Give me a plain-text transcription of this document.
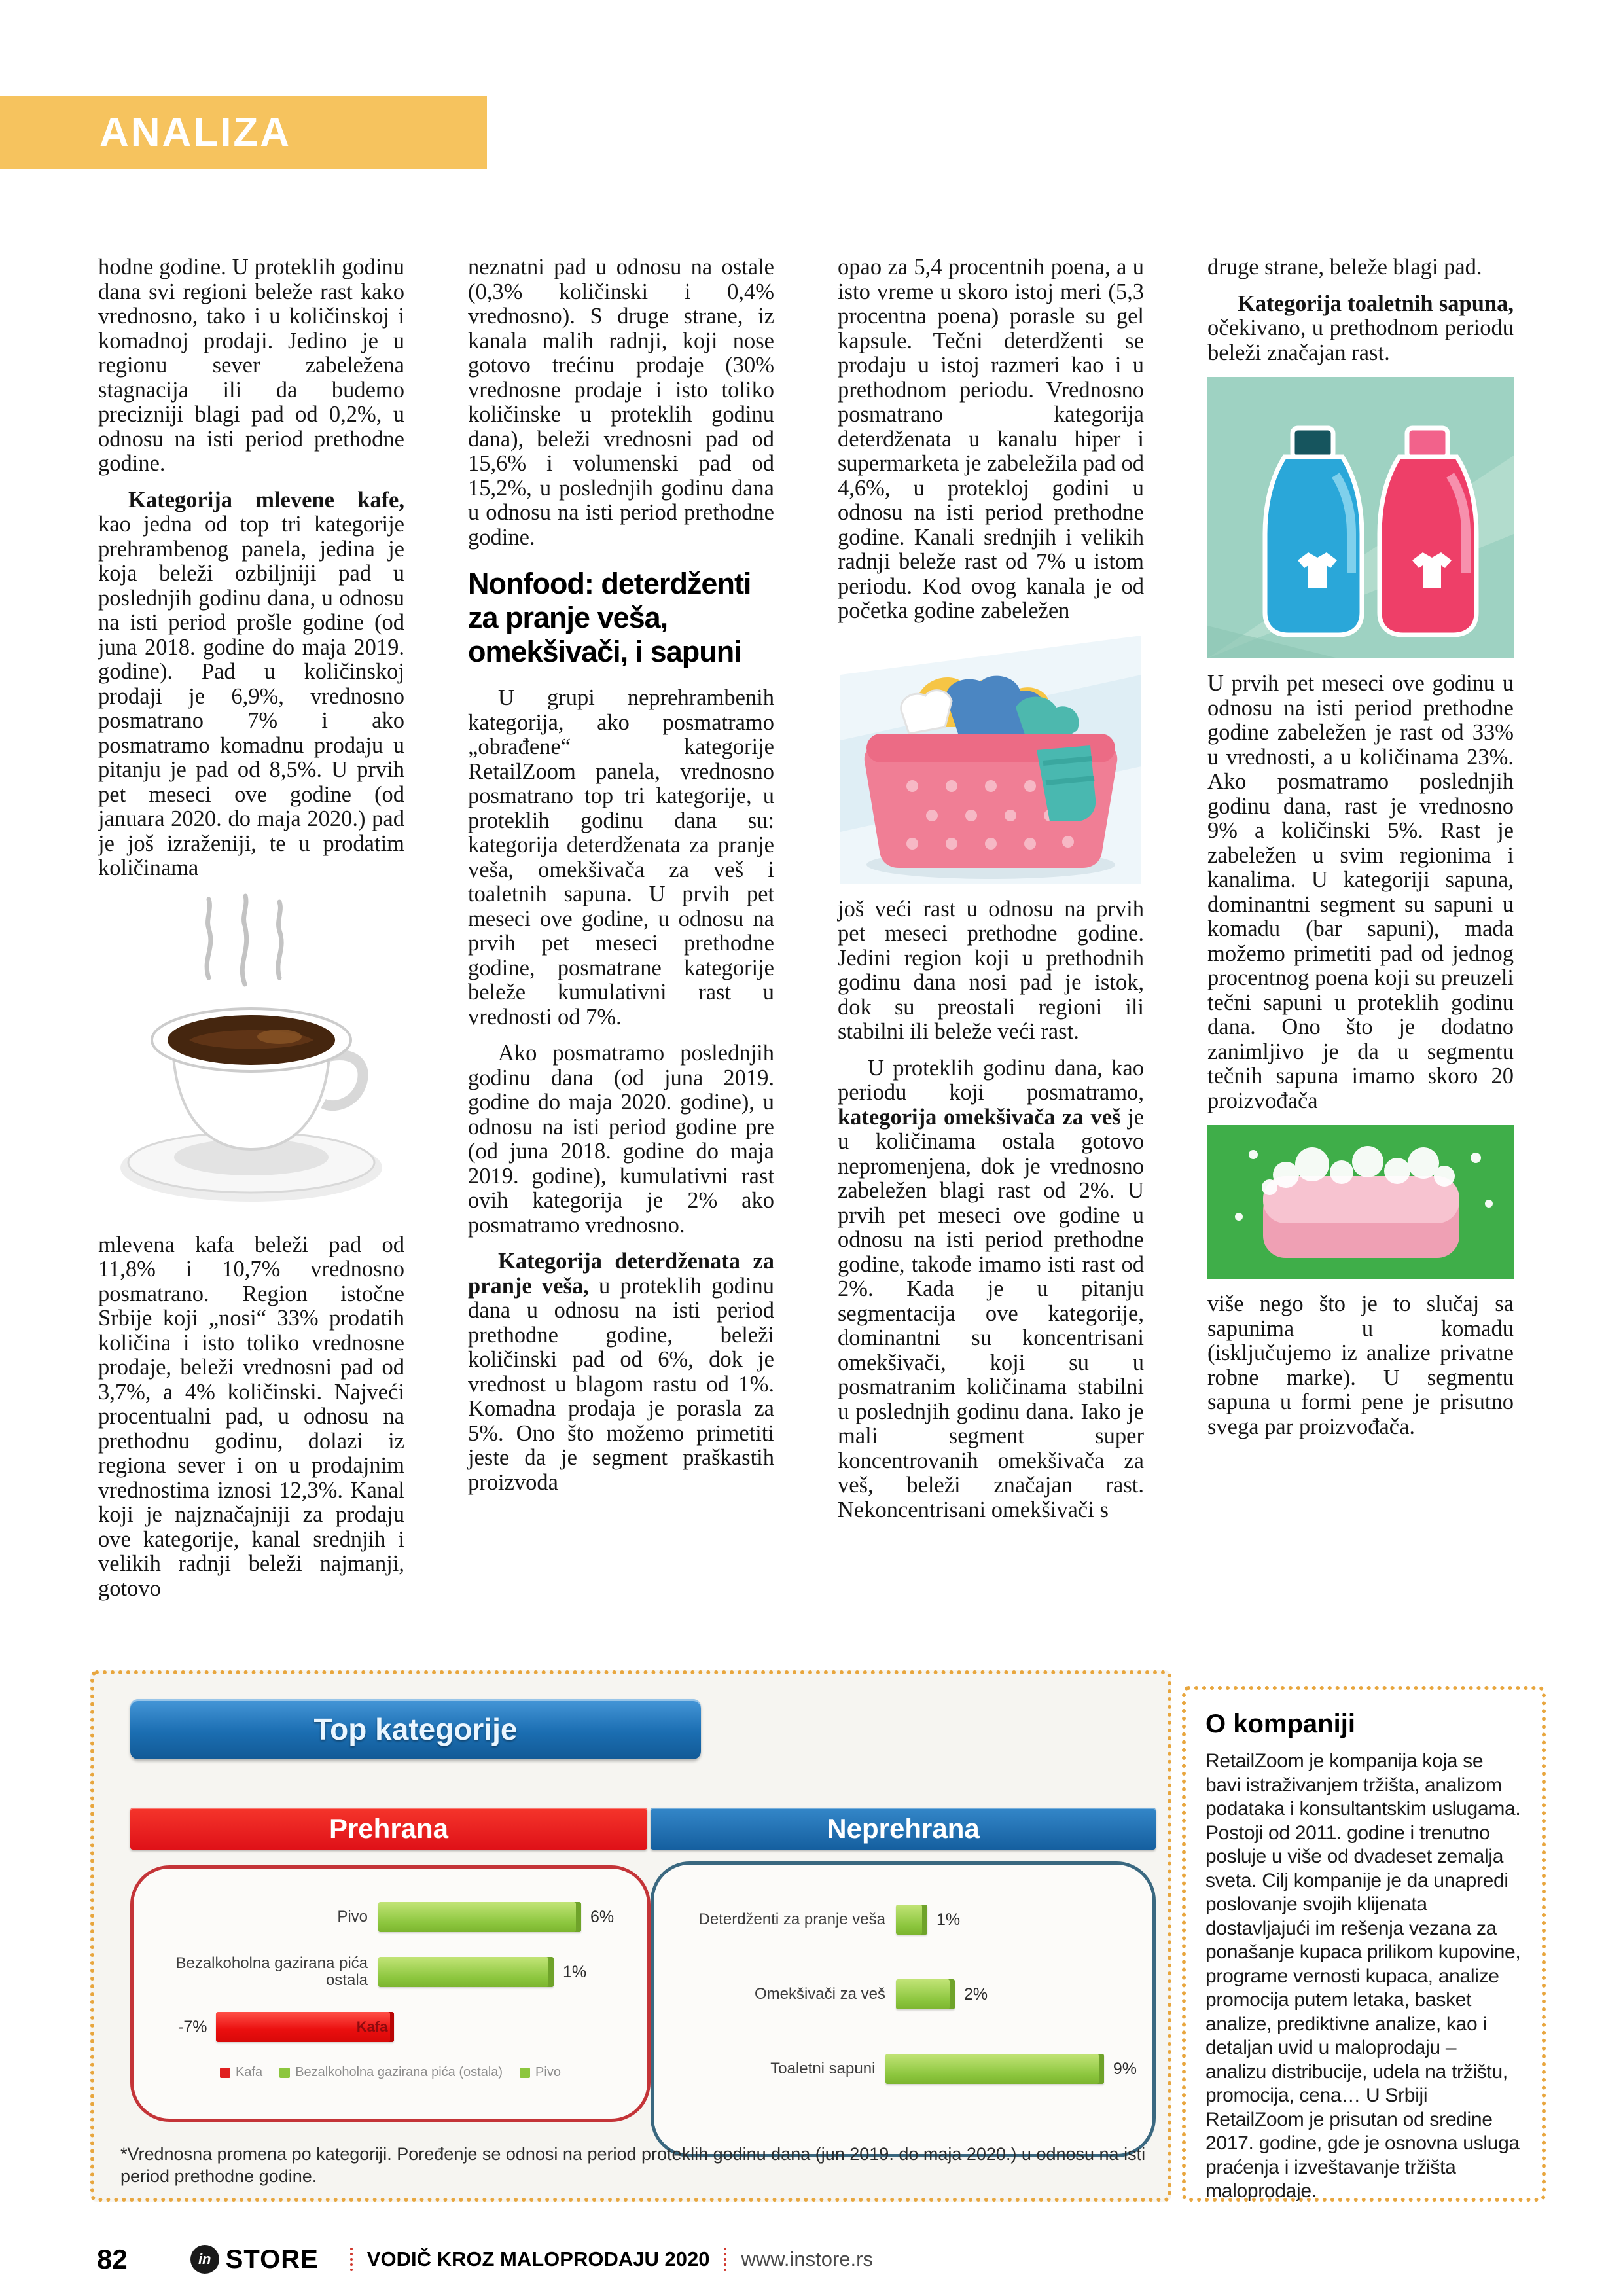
ANALIZA

hodne godine. U proteklih godinu dana svi regioni beleže rast kako vrednosno, tako i u količinskoj i komadnoj prodaji. Jedino je u regionu sever zabeležena stagnacija ili da budemo precizniji blagi pad od 0,2%, u odnosu na isti period prethodne godine.

Kategorija mlevene kafe, kao jedna od top tri kategorije prehrambenog panela, jedina je koja beleži ozbiljniji pad u poslednjih godinu dana, u odnosu na isti period prošle godine (od juna 2018. godine do maja 2019. godine). Pad u količinskoj prodaji je 6,9%, vrednosno posmatrano 7% i ako posmatramo komadnu prodaju u pitanju je pad od 8,5%. U prvih pet meseci ove godine (od januara 2020. do maja 2020.) pad je još izraženiji, te u prodatim količinama

mlevena kafa beleži pad od 11,8% i 10,7% vrednosno posmatrano. Region istočne Srbije koji „nosi“ 33% prodatih količina i isto toliko vrednosne prodaje, beleži vrednosni pad od 3,7%, a 4% količinski. Najveći procentualni pad, u odnosu na prethodnu godinu, dolazi iz regiona sever i on u prodajnim vrednostima iznosi 12,3%. Kanal koji je najznačajniji za prodaju ove kategorije, kanal srednjih i velikih radnji beleži najmanji, gotovo

neznatni pad u odnosu na ostale (0,3% količinski i 0,4% vrednosno). S druge strane, iz kanala malih radnji, koji nose gotovo trećinu prodaje (30% vrednosne prodaje i isto toliko količinske u proteklih godinu dana), beleži vrednosni pad od 15,6% i volumenski pad od 15,2%, u poslednjih godinu dana u odnosu na isti period prethodne godine.

Nonfood: deterdženti za pranje veša, omekšivači, i sapuni

U grupi neprehrambenih kategorija, ako posmatramo „obrađene“ kategorije RetailZoom panela, vrednosno posmatrano top tri kategorije, u proteklih godinu dana su: kategorija deterdženata za pranje veša, omekšivača za veš i toaletnih sapuna. U prvih pet meseci ove godine, u odnosu na prvih pet meseci prethodne godine, posmatrane kategorije beleže kumulativni rast u vrednosti od 7%.

Ako posmatramo poslednjih godinu dana (od juna 2019. godine do maja 2020. godine), u odnosu na isti period godine pre (od juna 2018. godine do maja 2019. godine), kumulativni rast ovih kategorija je 2% ako posmatramo vrednosno.

Kategorija deterdženata za pranje veša, u proteklih godinu dana u odnosu na isti period prethodne godine, beleži količinski pad od 6%, dok je vrednost u blagom rastu od 1%. Komadna prodaja je porasla za 5%. Ono što možemo primetiti jeste da je segment praškastih proizvoda

opao za 5,4 procentnih poena, a u isto vreme u skoro istoj meri (5,3 procentna poena) porasle su gel kapsule. Tečni deterdženti se prodaju u istoj razmeri kao i u prethodnom periodu. Vrednosno posmatrano kategorija deterdženata u kanalu hiper i supermarketa je zabeležila pad od 4,6%, u protekloj godini u odnosu na isti period prethodne godine. Kanali srednjih i velikih radnji beleže rast od 7% u istom periodu. Kod ovog kanala je od početka godine zabeležen

još veći rast u odnosu na prvih pet meseci prethodne godine. Jedini region koji u prethodnih godinu dana nosi pad je istok, dok su preostali regioni ili stabilni ili beleže veći rast.

U proteklih godinu dana, kao periodu koji posmatramo, kategorija omekšivača za veš je u količinama ostala gotovo nepromenjena, dok je vrednosno zabeležen blagi rast od 2%. U prvih pet meseci ove godine u odnosu na isti period prethodne godine, takođe imamo isti rast od 2%. Kada je u pitanju segmentacija ove kategorije, dominantni su koncentrisani omekšivači, koji su u posmatranim količinama stabilni u poslednjih godinu dana. Iako je mali segment super koncentrovanih omekšivača za veš, beleži značajan rast. Nekoncentrisani omekšivači s

druge strane, beleže blagi pad.

Kategorija toaletnih sapuna, očekivano, u prethodnom periodu beleži značajan rast.

U prvih pet meseci ove godinu u odnosu na isti period prethodne godine zabeležen je rast od 33% u vrednosti, a u količinama 23%. Ako posmatramo poslednjih godinu dana, rast je vrednosno 9% a količinski 5%. Rast je zabeležen u svim regionima i kanalima. U kategoriji sapuna, dominantni segment su sapuni u komadu (bar sapuni), mada možemo primetiti pad od jednog procentnog poena koji su preuzeli tečni sapuni u proteklih godinu dana. Ono što je dodatno zanimljivo je da u segmentu tečnih sapuna imamo skoro 20 proizvođača

više nego što je to slučaj sa sapunima u komadu (isključujemo iz analize privatne robne marke). U segmentu sapuna u formi pene je prisutno svega par proizvođača.

Top kategorije
Prehrana	Neprehrana
Pivo	6%
Bezalkoholna gazirana pića ostala	1%
-7%	Kafa
Kafa	Bezalkoholna gazirana pića (ostala)	Pivo
Deterdženti za pranje veša	1%
Omekšivači za veš	2%
Toaletni sapuni	9%
*Vrednosna promena po kategoriji. Poređenje se odnosi na period proteklih godinu dana (jun 2019. do maja 2020.) u odnosu na isti period prethodne godine.
O kompaniji
RetailZoom je kompanija koja se bavi istraživanjem tržišta, analizom podataka i konsultantskim uslugama. Postoji od 2011. godine i trenutno posluje u više od dvadeset zemalja sveta. Cilj kompanije je da unapredi poslovanje svojih klijenata dostavljajući im rešenja vezana za ponašanje kupaca prilikom kupovine, programe vernosti kupaca, analize promocija putem letaka, basket analize, prediktivne analize, kao i detaljan uvid u maloprodaju – analizu distribucije, udela na tržištu, promocija, cena… U Srbiji RetailZoom je prisutan od sredine 2017. godine, gde je osnovna usluga praćenja i izveštavanje tržišta maloprodaje.
82	in STORE VODIČ KROZ MALOPRODAJU 2020 www.instore.rs
